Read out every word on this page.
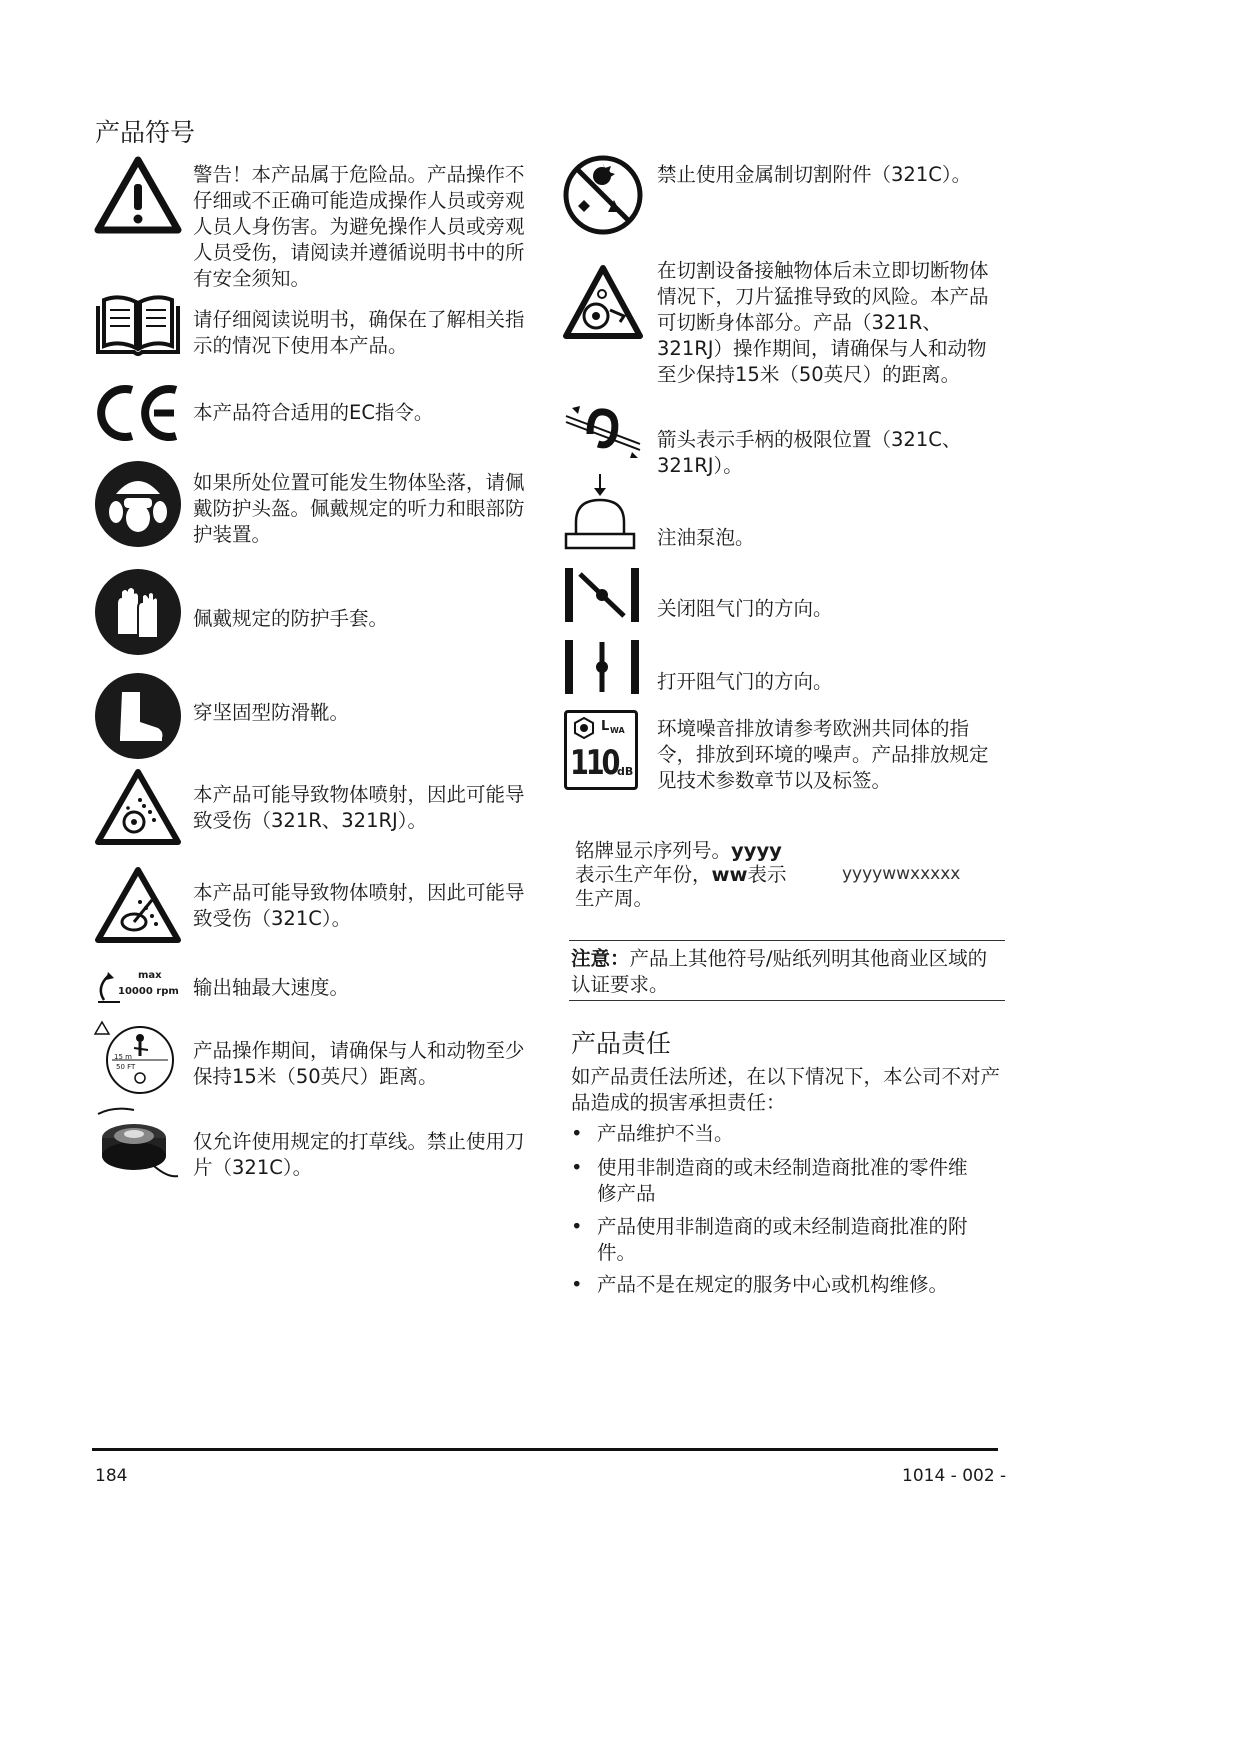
产品符号
警告！本产品属于危险品。产品操作不仔细或不正确可能造成操作人员或旁观人员人身伤害。为避免操作人员或旁观人员受伤，请阅读并遵循说明书中的所有安全须知。
请仔细阅读说明书，确保在了解相关指示的情况下使用本产品。
本产品符合适用的EC指令。
如果所处位置可能发生物体坠落，请佩戴防护头盔。佩戴规定的听力和眼部防护装置。
佩戴规定的防护手套。
穿坚固型防滑靴。
本产品可能导致物体喷射，因此可能导致受伤（321R、321RJ）。
本产品可能导致物体喷射，因此可能导致受伤（321C）。
max
10000 rpm 输出轴最大速度。
15 m
50 FT
产品操作期间，请确保与人和动物至少保持15米（50英尺）距离。
仅允许使用规定的打草线。禁止使用刀片（321C）。
禁止使用金属制切割附件（321C）。
在切割设备接触物体后未立即切断物体情况下，刀片猛推导致的风险。本产品可切断身体部分。产品（321R、321RJ）操作期间，请确保与人和动物至少保持15米（50英尺）的距离。
箭头表示手柄的极限位置（321C、321RJ）。
注油泵泡。
关闭阻气门的方向。
打开阻气门的方向。
L WA
110 dB
环境噪音排放请参考欧洲共同体的指令，排放到环境的噪声。产品排放规定见技术参数章节以及标签。
铭牌显示序列号。yyyy
表示生产年份，ww表示
生产周。
yyyywwxxxxx
注意：产品上其他符号/贴纸列明其他商业区域的认证要求。
产品责任
如产品责任法所述，在以下情况下，本公司不对产品造成的损害承担责任：
• 产品维护不当。
• 使用非制造商的或未经制造商批准的零件维修产品
• 产品使用非制造商的或未经制造商批准的附件。
• 产品不是在规定的服务中心或机构维修。
184	1014 - 002 -
